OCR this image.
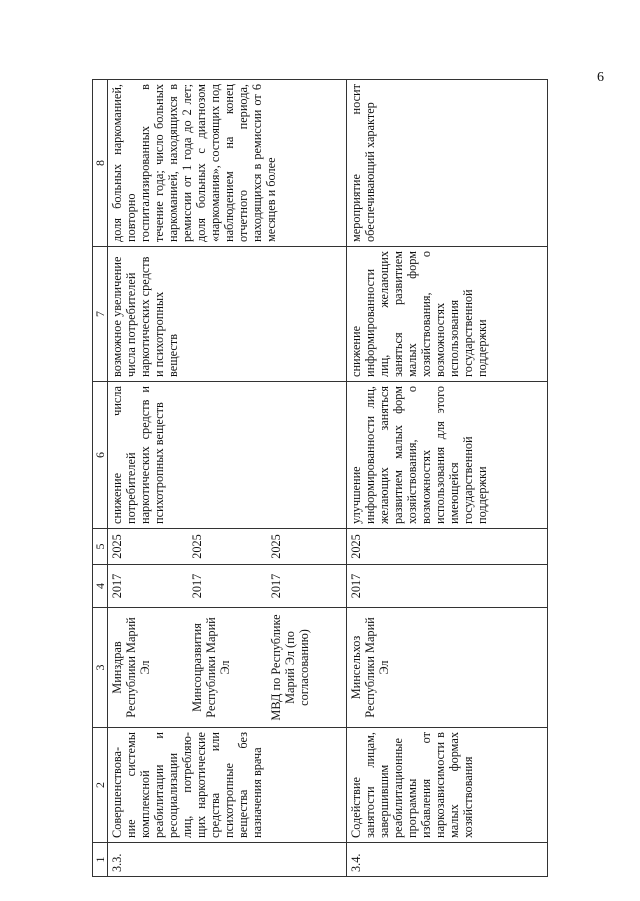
6
1	2	3	4	5	6	7	8
3.3.	Совершенствова-ние системы комплексной реабилитации и ресоциализации лиц, потребляю-щих наркотические средства или психотропные вещества без назначения врача	Минздрав Республики Марий Эл	2017	2025	снижение числа потребителей наркотических средств и психотропных веществ	возможное увеличение числа потребителей наркотических средств и психотропных веществ	доля больных наркоманией, повторно госпитализированных в течение года; число больных наркоманией, находящихся в ремиссии от 1 года до 2 лет; доля больных с диагнозом «наркомания», состоящих под наблюдением на конец отчетного периода, находящихся в ремиссии от 6 месяцев и более
		Минсоцразвития Республики Марий Эл	2017	2025			
		МВД по Республике Марий Эл (по согласованию)	2017	2025			
3.4.	Содействие занятости лицам, завершившим реабилитационные программы избавления от наркозависимости в малых формах хозяйствования	Минсельхоз Республики Марий Эл	2017	2025	улучшение информированности лиц, желающих заняться развитием малых форм хозяйствования, о возможностях использования для этого имеющейся государственной поддержки	снижение информированности лиц, желающих заняться развитием малых форм хозяйствования, о возможностях использования государственной поддержки	мероприятие носит обеспечивающий характер
